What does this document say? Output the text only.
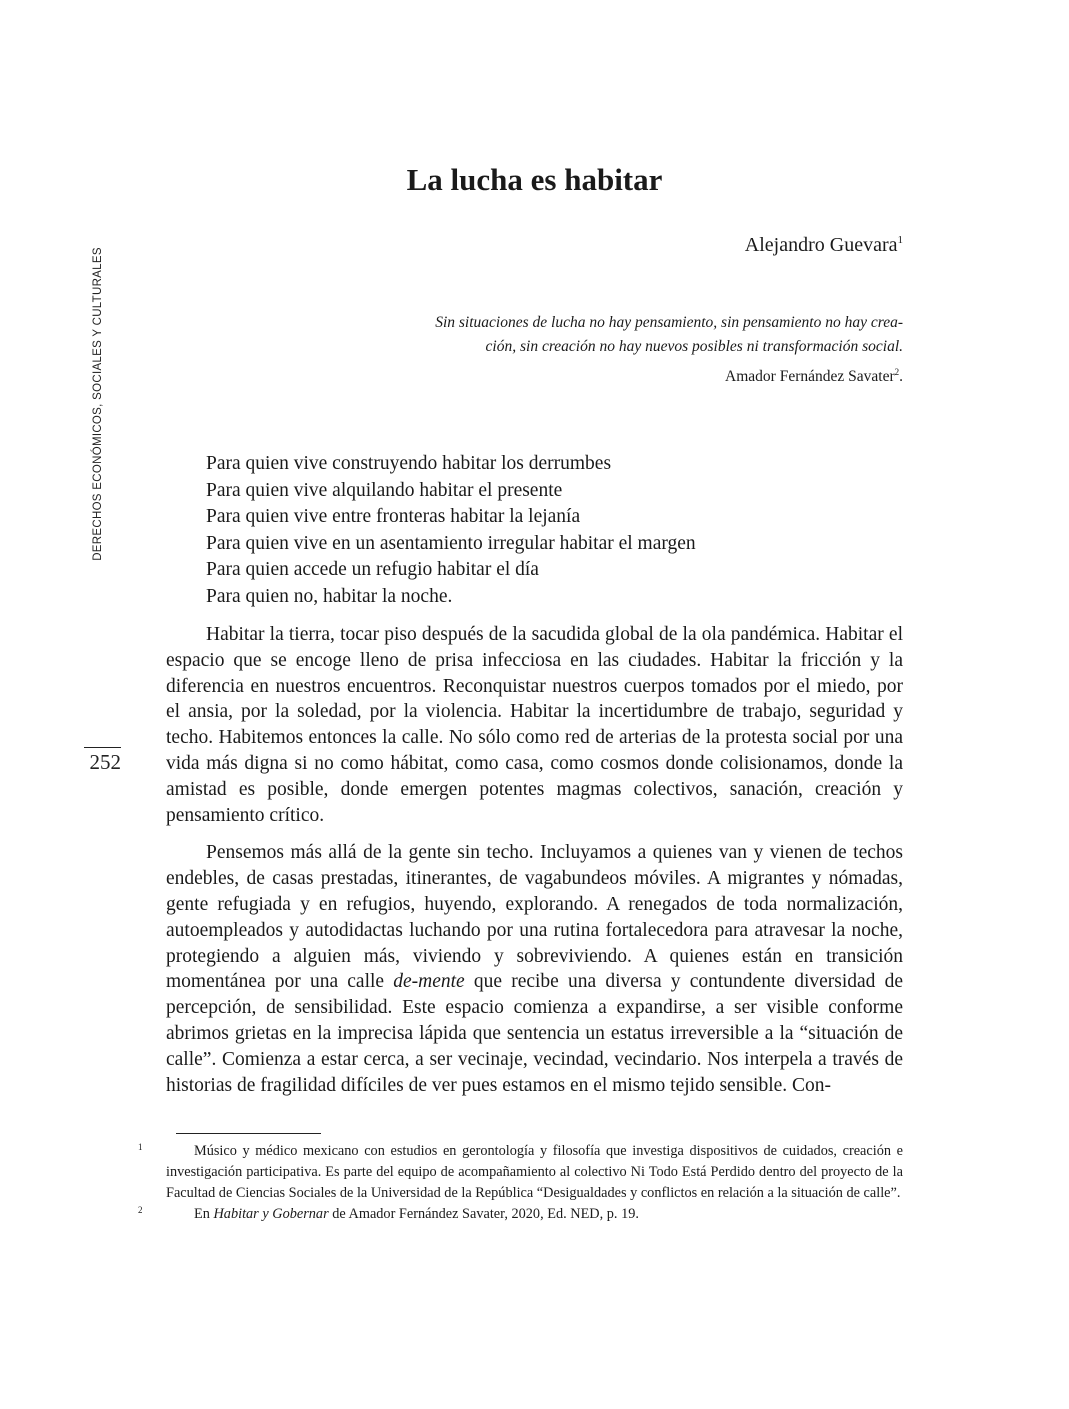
DERECHOS ECONÓMICOS, SOCIALES Y CULTURALES
252
La lucha es habitar
Alejandro Guevara$^1$
Sin situaciones de lucha no hay pensamiento, sin pensamiento no hay crea-
ción, sin creación no hay nuevos posibles ni transformación social.
Amador Fernández Savater$^2$.
Para quien vive construyendo habitar los derrumbes
Para quien vive alquilando habitar el presente
Para quien vive entre fronteras habitar la lejanía
Para quien vive en un asentamiento irregular habitar el margen
Para quien accede un refugio habitar el día
Para quien no, habitar la noche.

Habitar la tierra, tocar piso después de la sacudida global de la ola pandémica. Habitar el espacio que se encoge lleno de prisa infecciosa en las ciudades. Habitar la fricción y la diferencia en nuestros encuentros. Reconquistar nuestros cuerpos tomados por el miedo, por el ansia, por la soledad, por la violencia. Habitar la incertidumbre de trabajo, seguridad y techo. Habitemos entonces la calle. No sólo como red de arterias de la protesta social por una vida más digna si no como hábitat, como casa, como cosmos donde colisionamos, donde la amistad es posible, donde emergen potentes magmas colectivos, sanación, creación y pensamiento crítico.

Pensemos más allá de la gente sin techo. Incluyamos a quienes van y vienen de techos endebles, de casas prestadas, itinerantes, de vagabundeos móviles. A migrantes y nómadas, gente refugiada y en refugios, huyendo, explorando. A renegados de toda normalización, autoempleados y autodidactas luchando por una rutina fortalecedora para atravesar la noche, protegiendo a alguien más, viviendo y sobreviviendo. A quienes están en transición momentánea por una calle de-mente que recibe una diversa y contundente diversidad de percepción, de sensibilidad. Este espacio comienza a expandirse, a ser visible conforme abrimos grietas en la imprecisa lápida que sentencia un estatus irreversible a la “situación de calle”. Comienza a estar cerca, a ser vecinaje, vecindad, vecindario. Nos interpela a través de historias de fragilidad difíciles de ver pues estamos en el mismo tejido sensible. Con-

1	Músico y médico mexicano con estudios en gerontología y filosofía que investiga dispositivos de cuidados, creación e investigación participativa. Es parte del equipo de acompañamiento al colectivo Ni Todo Está Perdido dentro del proyecto de la Facultad de Ciencias Sociales de la Universidad de la República “Desigualdades y conflictos en relación a la situación de calle”.

2	En Habitar y Gobernar de Amador Fernández Savater, 2020, Ed. NED, p. 19.
